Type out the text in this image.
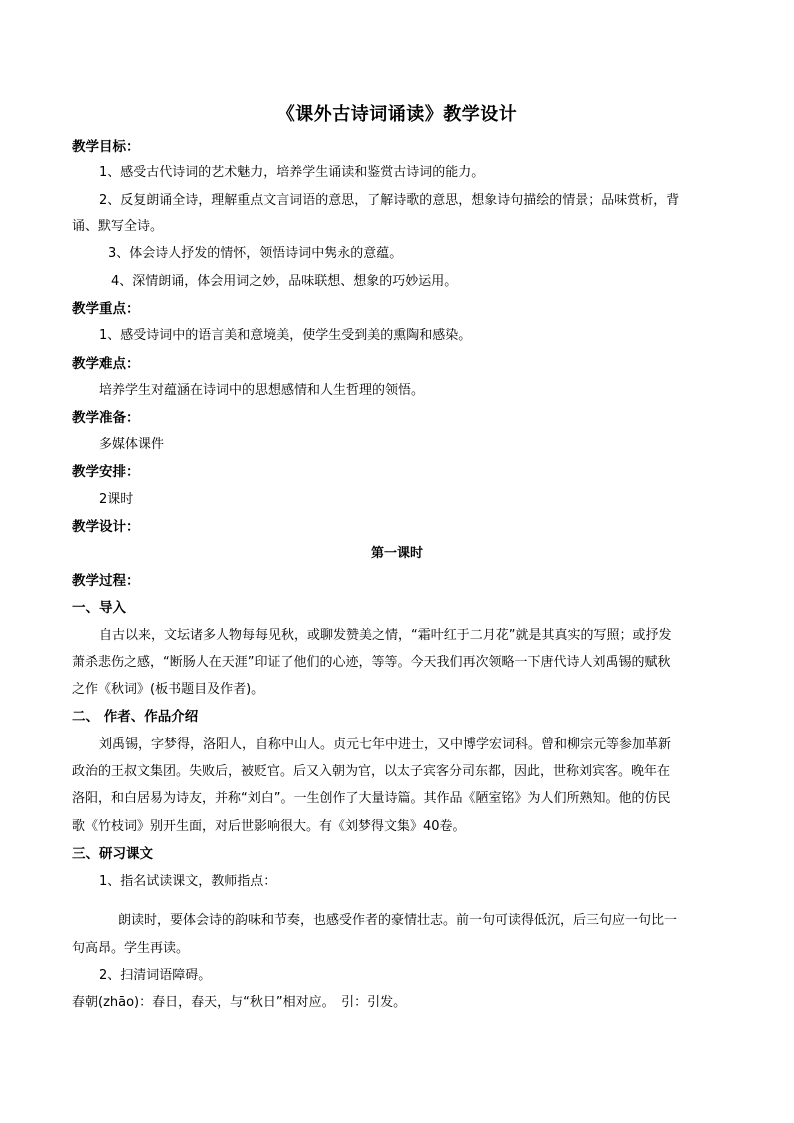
《课外古诗词诵读》教学设计
教学目标：
1、感受古代诗词的艺术魅力，培养学生诵读和鉴赏古诗词的能力。
2、反复朗诵全诗，理解重点文言词语的意思，了解诗歌的意思，想象诗句描绘的情景；品味赏析，背
诵、默写全诗。
3、体会诗人抒发的情怀，领悟诗词中隽永的意蕴。
4、深情朗诵，体会用词之妙，品味联想、想象的巧妙运用。
教学重点：
1、感受诗词中的语言美和意境美，使学生受到美的熏陶和感染。
教学难点：
培养学生对蕴涵在诗词中的思想感情和人生哲理的领悟。
教学准备：
多媒体课件
教学安排：
2课时
教学设计：
第一课时
教学过程：
一、导入
自古以来，文坛诸多人物每每见秋，或聊发赞美之情，“霜叶红于二月花”就是其真实的写照；或抒发
萧杀悲伤之感，“断肠人在天涯”印证了他们的心迹，等等。今天我们再次领略一下唐代诗人刘禹锡的赋秋
之作《秋词》(板书题目及作者)。
二、 作者、作品介绍
刘禹锡，字梦得，洛阳人，自称中山人。贞元七年中进士，又中博学宏词科。曾和柳宗元等参加革新
政治的王叔文集团。失败后，被贬官。后又入朝为官，以太子宾客分司东都，因此，世称刘宾客。晚年在
洛阳，和白居易为诗友，并称“刘白”。一生创作了大量诗篇。其作品《陋室铭》为人们所熟知。他的仿民
歌《竹枝词》别开生面，对后世影响很大。有《刘梦得文集》40卷。
三、研习课文
1、指名试读课文，教师指点：
朗读时，要体会诗的韵味和节奏，也感受作者的豪情壮志。前一句可读得低沉，后三句应一句比一
句高昂。学生再读。
2、扫清词语障碍。
春朝(zhāo)：春日，春天，与“秋日”相对应。　引：引发。
